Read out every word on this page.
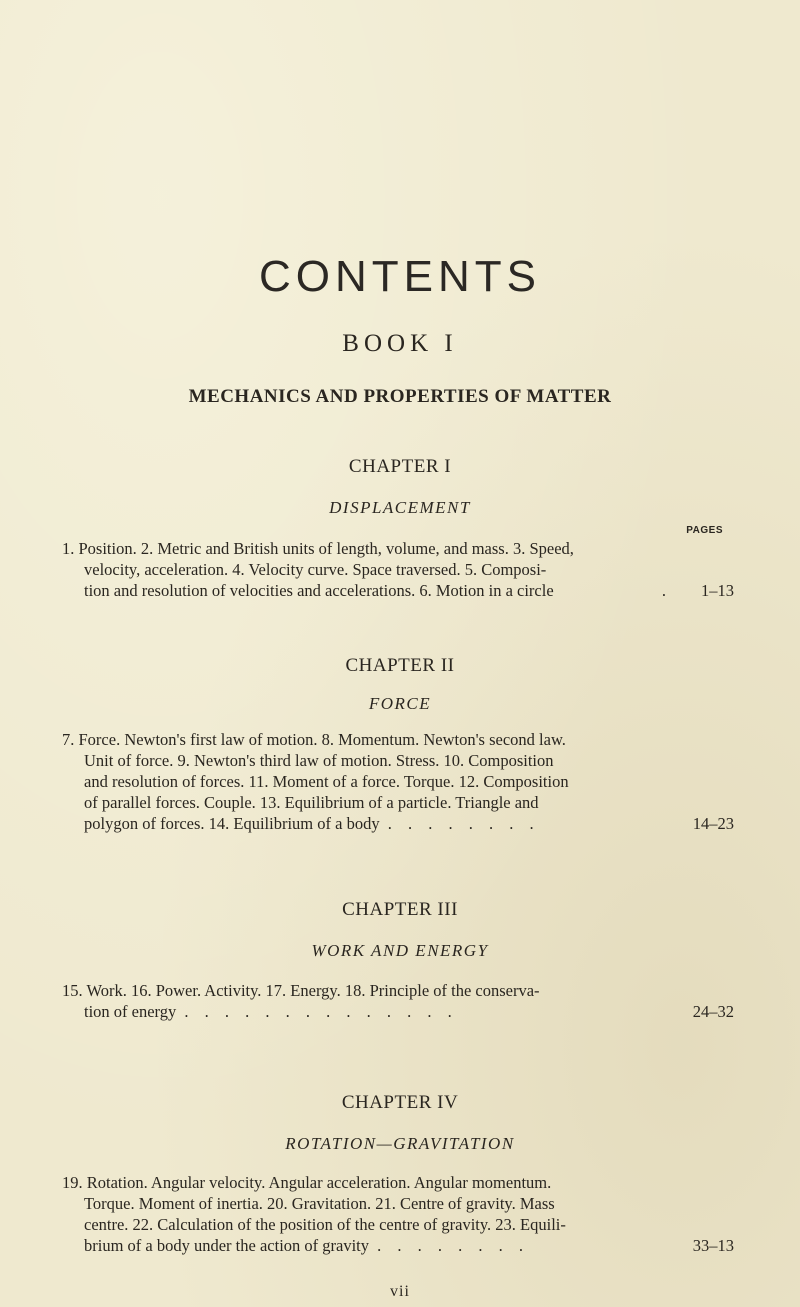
CONTENTS
BOOK I
MECHANICS AND PROPERTIES OF MATTER
CHAPTER I
DISPLACEMENT
PAGES
1. Position. 2. Metric and British units of length, volume, and mass. 3. Speed,
velocity, acceleration. 4. Velocity curve. Space traversed. 5. Composi-
tion and resolution of velocities and accelerations. 6. Motion in a circle	. 1–13
CHAPTER II
FORCE
7. Force. Newton's first law of motion. 8. Momentum. Newton's second law.
Unit of force. 9. Newton's third law of motion. Stress. 10. Composition
and resolution of forces. 11. Moment of a force. Torque. 12. Composition
of parallel forces. Couple. 13. Equilibrium of a particle. Triangle and
polygon of forces. 14. Equilibrium of a body . . . . . . . .	14–23
CHAPTER III
WORK AND ENERGY
15. Work. 16. Power. Activity. 17. Energy. 18. Principle of the conserva-
tion of energy . . . . . . . . . . . . . .	24–32
CHAPTER IV
ROTATION—GRAVITATION
19. Rotation. Angular velocity. Angular acceleration. Angular momentum.
Torque. Moment of inertia. 20. Gravitation. 21. Centre of gravity. Mass
centre. 22. Calculation of the position of the centre of gravity. 23. Equili-
brium of a body under the action of gravity . . . . . . . .	33–13
vii
